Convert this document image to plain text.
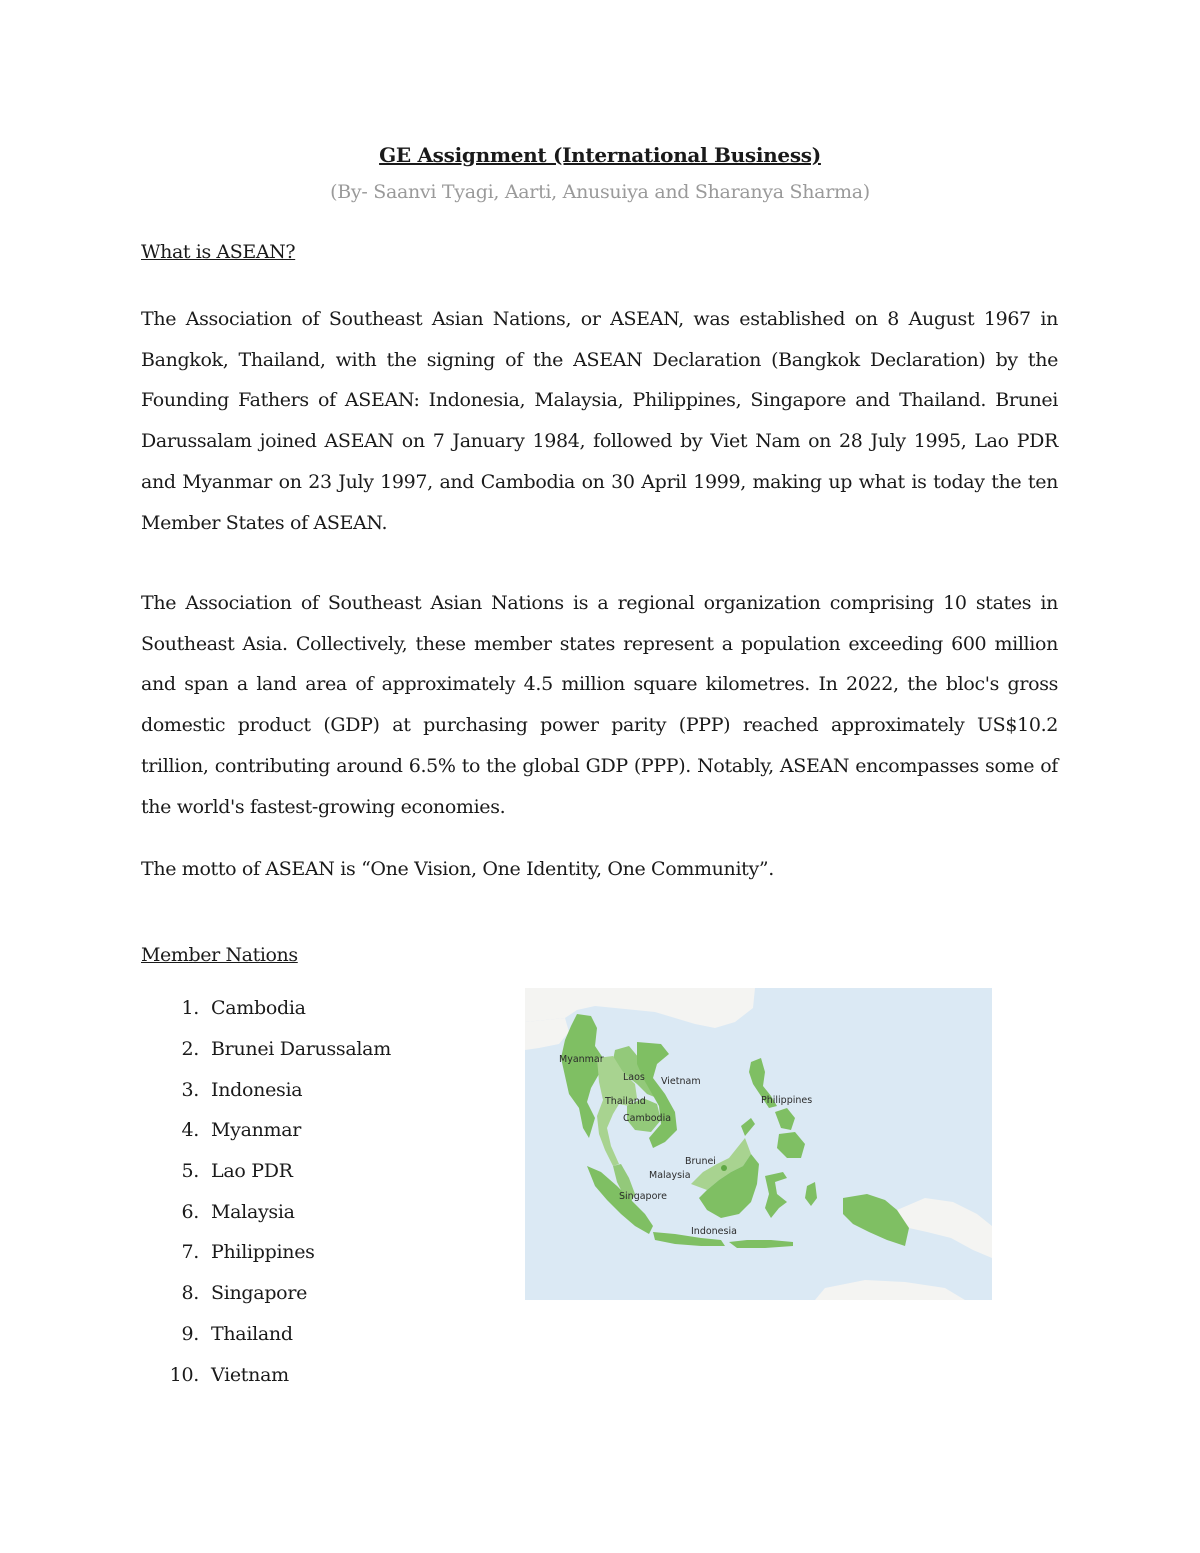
GE Assignment (International Business)
(By- Saanvi Tyagi, Aarti, Anusuiya and Sharanya Sharma)
What is ASEAN?
The Association of Southeast Asian Nations, or ASEAN, was established on 8 August 1967 in Bangkok, Thailand, with the signing of the ASEAN Declaration (Bangkok Declaration) by the Founding Fathers of ASEAN: Indonesia, Malaysia, Philippines, Singapore and Thailand. Brunei Darussalam joined ASEAN on 7 January 1984, followed by Viet Nam on 28 July 1995, Lao PDR and Myanmar on 23 July 1997, and Cambodia on 30 April 1999, making up what is today the ten Member States of ASEAN.
The Association of Southeast Asian Nations is a regional organization comprising 10 states in Southeast Asia. Collectively, these member states represent a population exceeding 600 million and span a land area of approximately 4.5 million square kilometres. In 2022, the bloc's gross domestic product (GDP) at purchasing power parity (PPP) reached approximately US$10.2 trillion, contributing around 6.5% to the global GDP (PPP). Notably, ASEAN encompasses some of the world's fastest-growing economies.
The motto of ASEAN is “One Vision, One Identity, One Community”.
Member Nations
1. Cambodia
2. Brunei Darussalam
3. Indonesia
4. Myanmar
5. Lao PDR
6. Malaysia
7. Philippines
8. Singapore
9. Thailand
10. Vietnam
Myanmar
Laos Vietnam
Thailand
Cambodia
Philippines
Brunei
Malaysia
Singapore
Indonesia
